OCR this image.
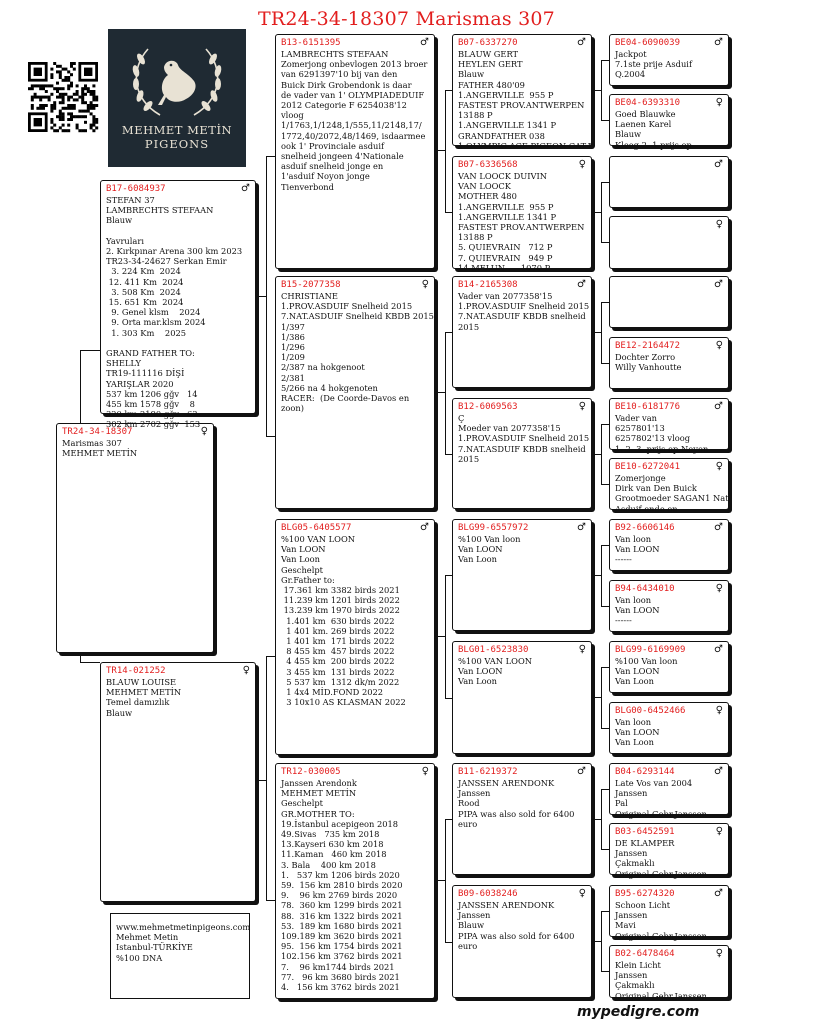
TR24-34-18307 Marismas 307
MEHMET METİN
PIGEONS
TR24-34-18307	♀
Marismas 307
MEHMET METİN
B17-6084937	♂
STEFAN 37
LAMBRECHTS STEFAAN
Blauw

Yavruları
2. Kırkpınar Arena 300 km 2023
TR23-34-24627 Serkan Emir
3. 224 Km  2024
12. 411 Km  2024
3. 508 Km  2024
15. 651 Km  2024
9. Genel klsm    2024
9. Orta mar.klsm 2024
1. 303 Km    2025

GRAND FATHER TO:
SHELLY
TR19-111116 DİŞİ
YARIŞLAR 2020
537 km 1206 gğv   14
455 km 1578 gğv    8
320 km 2190 gğv   63
302 km 2702 gğv  153
TR14-021252	♀
BLAUW LOUISE
MEHMET METİN
Temel damızlık
Blauw
B13-6151395	♂
LAMBRECHTS STEFAAN
Zomerjong onbevlogen 2013 broer
van 6291397'10 bij van den
Buick Dirk Grobendonk is daar
de vader van 1' OLYMPIADEDUIF
2012 Categorie F 6254038'12
vloog
1/1763,1/1248,1/555,11/2148,17/
1772,40/2072,48/1469, isdaarmee
ook 1' Provinciale asduif
snelheid jongeen 4'Nationale
asduif snelheid jonge en
1'asduif Noyon jonge
Tienverbond
B15-2077358	♀
CHRISTIANE
1.PROV.ASDUIF Snelheid 2015
7.NAT.ASDUIF Snelheid KBDB 2015
1/397
1/386
1/296
1/209
2/387 na hokgenoot
2/381
5/266 na 4 hokgenoten
RACER:  (De Coorde-Davos en
zoon)
BLG05-6405577	♂
%100 VAN LOON
Van LOON
Van Loon
Geschelpt
Gr.Father to:
17.361 km 3382 birds 2021
11.239 km 1201 birds 2022
13.239 km 1970 birds 2022
1.401 km  630 birds 2022
1 401 km. 269 birds 2022
1 401 km  171 birds 2022
8 455 km  457 birds 2022
4 455 km  200 birds 2022
3 455 km  131 birds 2022
5 537 km  1312 dk/m 2022
1 4x4 MİD.FOND 2022
3 10x10 AS KLASMAN 2022
TR12-030005	♀
Janssen Arendonk
MEHMET METİN
Geschelpt
GR.MOTHER TO:
19.İstanbul acepigeon 2018
49.Sivas   735 km 2018
13.Kayseri 630 km 2018
11.Kaman   460 km 2018
3. Bala    400 km 2018
1.   537 km 1206 birds 2020
59.  156 km 2810 birds 2020
9.    96 km 2769 birds 2020
78.  360 km 1299 birds 2021
88.  316 km 1322 birds 2021
53.  189 km 1680 birds 2021
109.189 km 3620 birds 2021
95.  156 km 1754 birds 2021
102.156 km 3762 birds 2021
7.    96 km1744 birds 2021
77.   96 km 3680 birds 2021
4.   156 km 3762 birds 2021
B07-6337270	♂
BLAUW GERT
HEYLEN GERT
Blauw
FATHER 480'09
1.ANGERVILLE  955 P
FASTEST PROV.ANTWERPEN
13188 P
1.ANGERVILLE 1341 P
GRANDFATHER 038
1.OLYMPIC ACE PIGEON CAT.B
B07-6336568	♀
VAN LOOCK DUIVIN
VAN LOOCK
MOTHER 480
1.ANGERVILLE  955 P
1.ANGERVILLE 1341 P
FASTEST PROV.ANTWERPEN
13188 P
5. QUIEVRAIN   712 P
7. QUIEVRAIN   949 P
14.MELUN      1070 P
B14-2165308	♂
Vader van 2077358'15
1.PROV.ASDUIF Snelheid 2015
7.NAT.ASDUIF KBDB snelheid
2015
B12-6069563	♀
Ç
Moeder van 2077358'15
1.PROV.ASDUIF Snelheid 2015
7.NAT.ASDUIF KBDB snelheid
2015
BLG99-6557972	♂
%100 Van loon
Van LOON
Van Loon
BLG01-6523830	♀
%100 VAN LOON
Van LOON
Van Loon
B11-6219372	♂
JANSSEN ARENDONK
Janssen
Rood
PIPA was also sold for 6400
euro
B09-6038246	♀
JANSSEN ARENDONK
Janssen
Blauw
PIPA was also sold for 6400
euro
BE04-6090039	♂
Jackpot
7.1ste prije Asduif
Q.2004
BE04-6393310	♀
Goed Blauwke
Laenen Karel
Blauw
Kleeg 2. 1.prijs op
♂
♀
♂
BE12-2164472	♀
Dochter Zorro
Willy Vanhoutte
BE10-6181776	♂
Vader van
6257801'13
6257802'13 vloog
1. 2. 3. prijs op Noyon
BE10-6272041	♀
Zomerjonge
Dirk van Den Buick
Grootmoeder SAGAN1 Nat
Asduif ende en
B92-6606146	♂
Van loon
Van LOON
------
B94-6434010	♀
Van loon
Van LOON
------
BLG99-6169909	♂
%100 Van loon
Van LOON
Van Loon
BLG00-6452466	♀
Van loon
Van LOON
Van Loon
B04-6293144	♂
Late Vos van 2004
Janssen
Pal
Original Gebr.Janssen
B03-6452591	♀
DE KLAMPER
Janssen
Çakmaklı
Original Gebr.Janssen
B95-6274320	♂
Schoon Licht
Janssen
Mavi
Original Gebr.Janssen
B02-6478464	♀
Klein Licht
Janssen
Çakmaklı
Original Gebr.Janssen
www.mehmetmetinpigeons.com
Mehmet Metin
Istanbul-TÜRKİYE
%100 DNA
mypedigre.com
